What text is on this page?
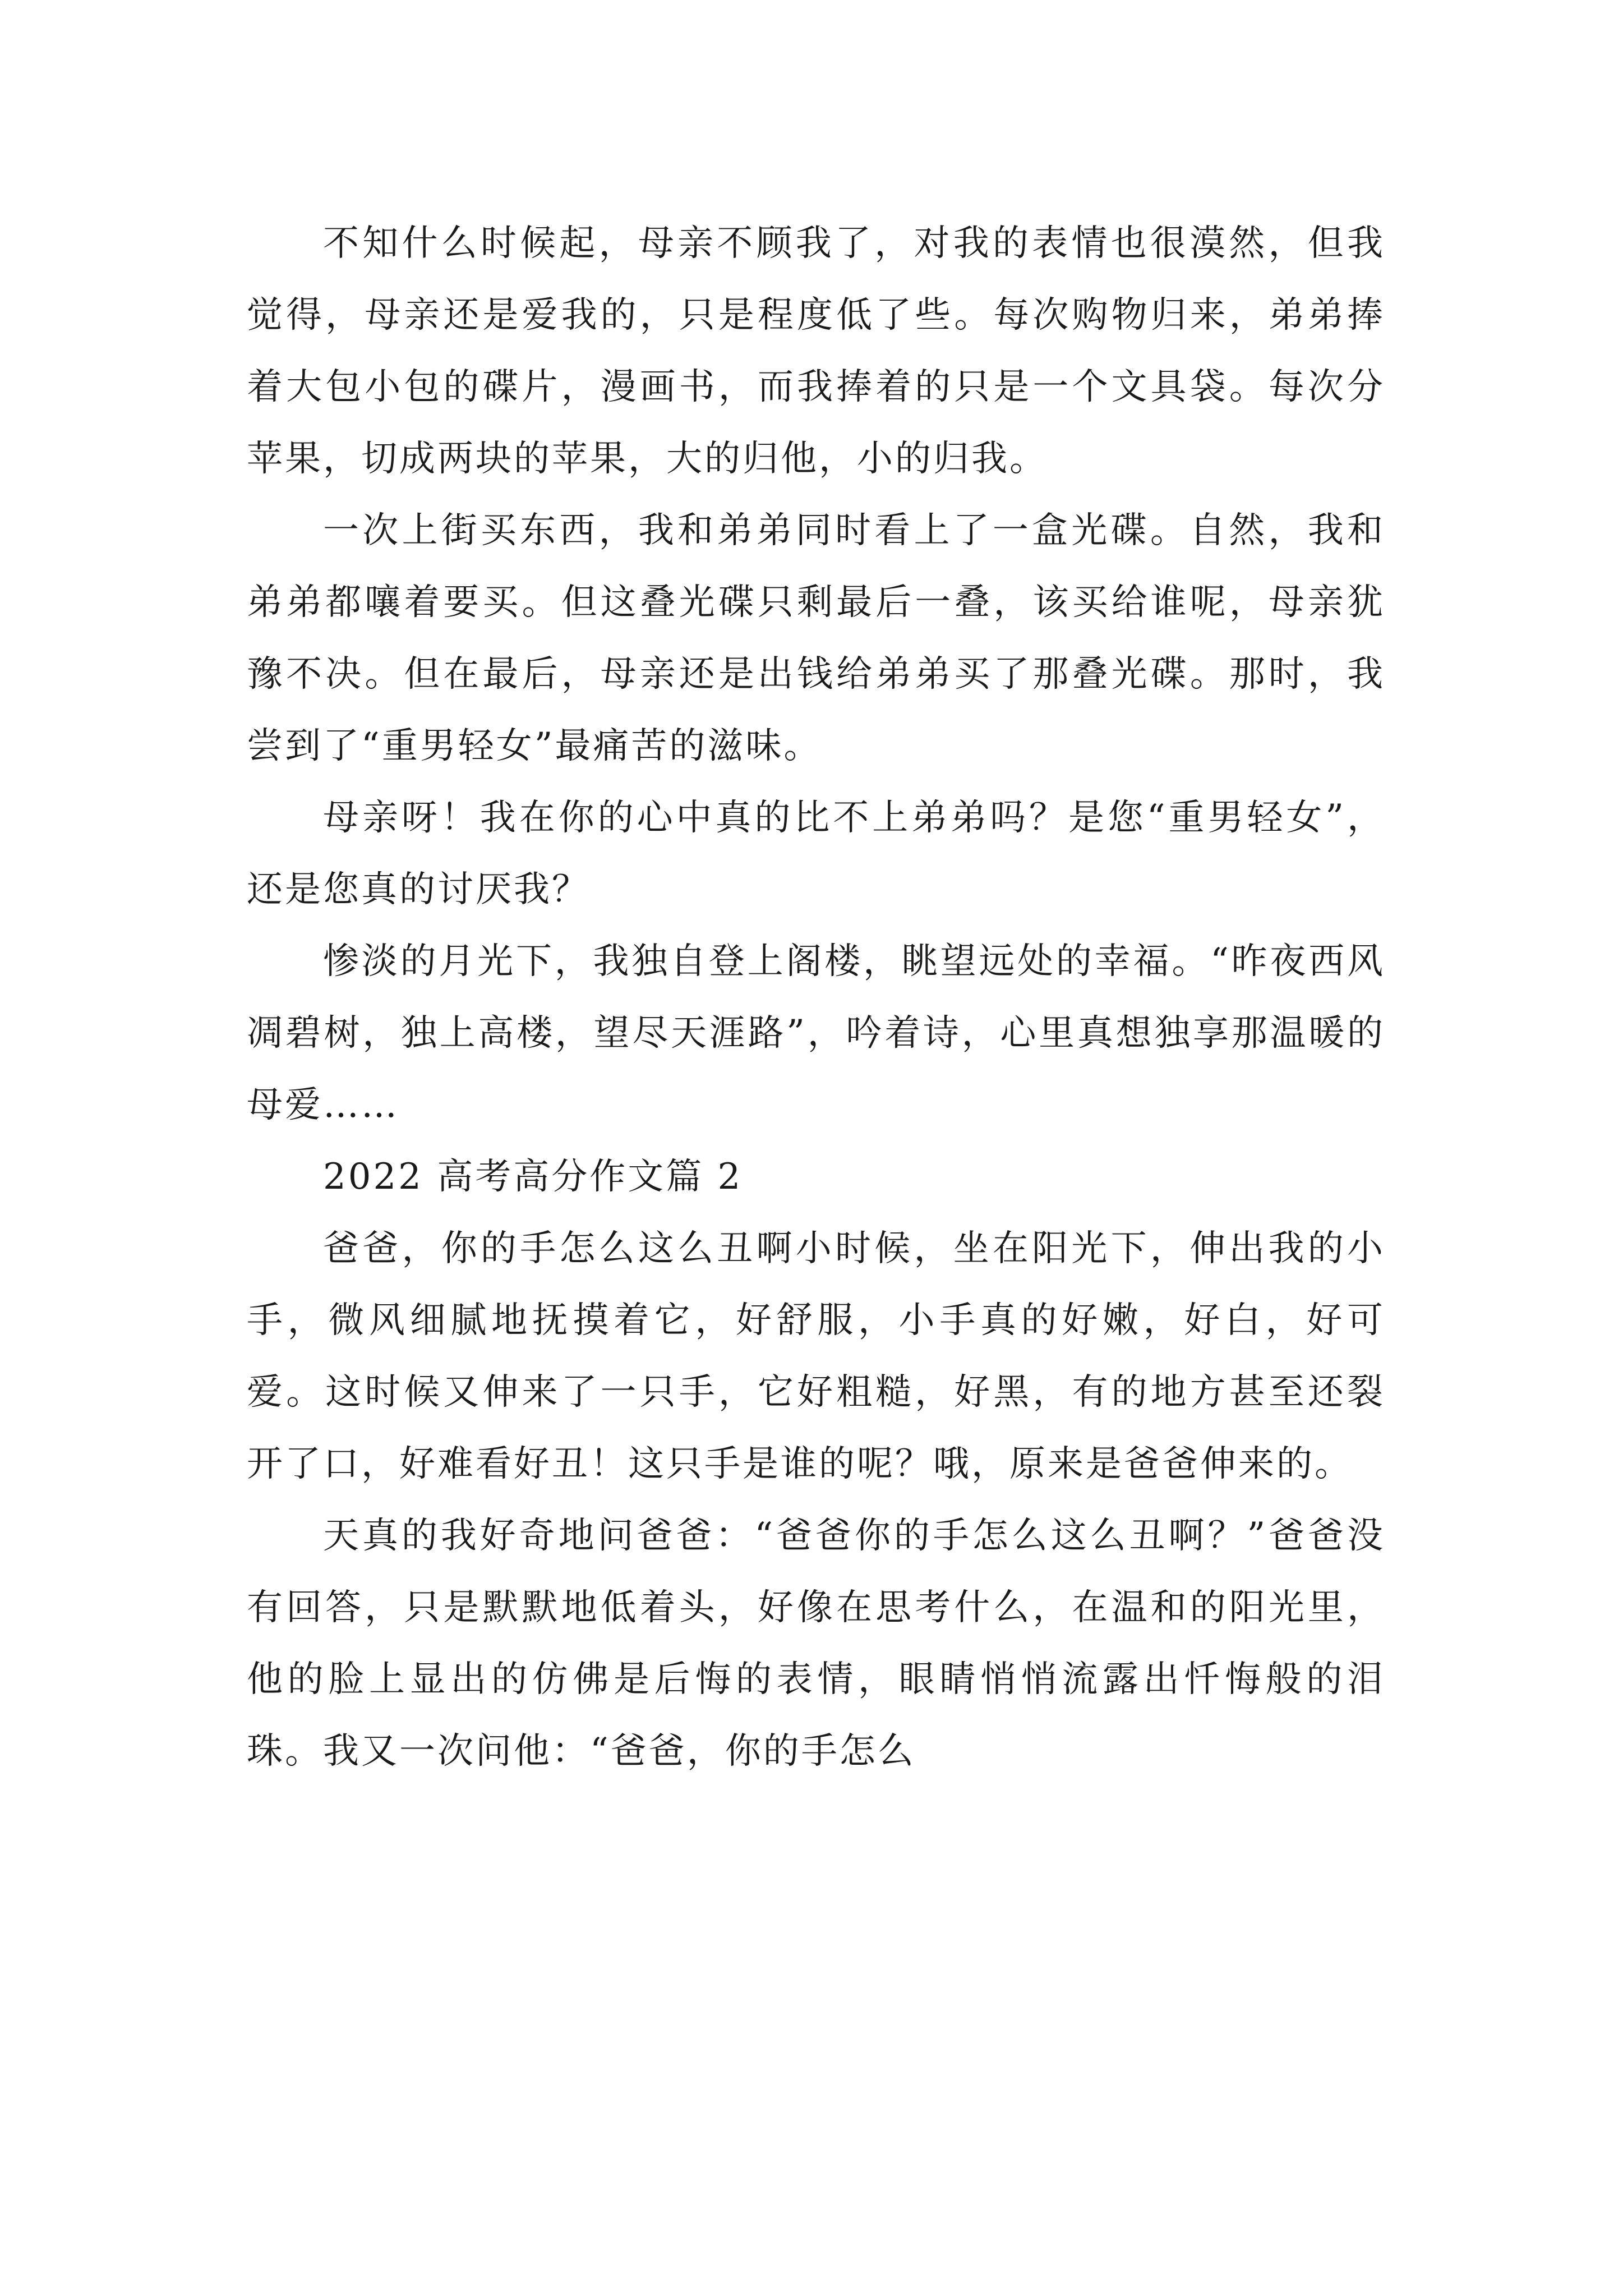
不知什么时候起，母亲不顾我了，对我的表情也很漠然，但我觉得，母亲还是爱我的，只是程度低了些。每次购物归来，弟弟捧着大包小包的碟片，漫画书，而我捧着的只是一个文具袋。每次分苹果，切成两块的苹果，大的归他，小的归我。

一次上街买东西，我和弟弟同时看上了一盒光碟。自然，我和弟弟都嚷着要买。但这叠光碟只剩最后一叠，该买给谁呢，母亲犹豫不决。但在最后，母亲还是出钱给弟弟买了那叠光碟。那时，我尝到了“重男轻女”最痛苦的滋味。

母亲呀！我在你的心中真的比不上弟弟吗？是您“重男轻女”，还是您真的讨厌我？

惨淡的月光下，我独自登上阁楼，眺望远处的幸福。“昨夜西风凋碧树，独上高楼，望尽天涯路”，吟着诗，心里真想独享那温暖的母爱……

2022 高考高分作文篇 2

爸爸，你的手怎么这么丑啊小时候，坐在阳光下，伸出我的小手，微风细腻地抚摸着它，好舒服，小手真的好嫩，好白，好可爱。这时候又伸来了一只手，它好粗糙，好黑，有的地方甚至还裂开了口，好难看好丑！这只手是谁的呢？哦，原来是爸爸伸来的。

天真的我好奇地问爸爸：“爸爸你的手怎么这么丑啊？”爸爸没有回答，只是默默地低着头，好像在思考什么，在温和的阳光里，他的脸上显出的仿佛是后悔的表情，眼睛悄悄流露出忏悔般的泪珠。我又一次问他：“爸爸，你的手怎么
